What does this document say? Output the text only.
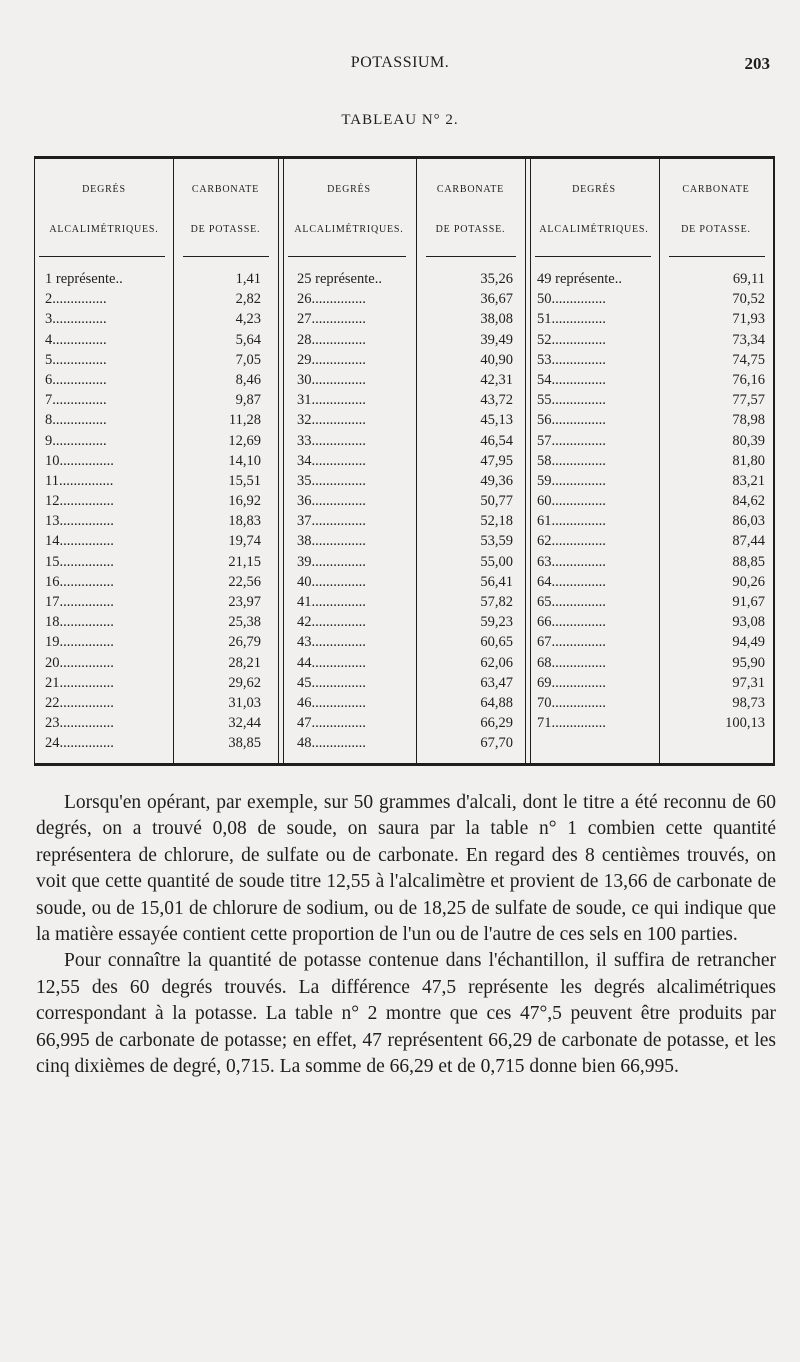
POTASSIUM.	203
TABLEAU N° 2.
DEGRÉS
ALCALIMÉTRIQUES.
CARBONATE
DE POTASSE.
DEGRÉS
ALCALIMÉTRIQUES.
CARBONATE
DE POTASSE.
DEGRÉS
ALCALIMÉTRIQUES.
CARBONATE
DE POTASSE.
1 représente..	1,41 25 représente..	35,26 49 représente..	69,11
2...............	2,82 26...............	36,67 50...............	70,52
3...............	4,23 27...............	38,08 51...............	71,93
4...............	5,64 28...............	39,49 52...............	73,34
5...............	7,05 29...............	40,90 53...............	74,75
6...............	8,46 30...............	42,31 54...............	76,16
7...............	9,87 31...............	43,72 55...............	77,57
8...............	11,28 32...............	45,13 56...............	78,98
9...............	12,69 33...............	46,54 57...............	80,39
10...............	14,10 34...............	47,95 58...............	81,80
11...............	15,51 35...............	49,36 59...............	83,21
12...............	16,92 36...............	50,77 60...............	84,62
13...............	18,83 37...............	52,18 61...............	86,03
14...............	19,74 38...............	53,59 62...............	87,44
15...............	21,15 39...............	55,00 63...............	88,85
16...............	22,56 40...............	56,41 64...............	90,26
17...............	23,97 41...............	57,82 65...............	91,67
18...............	25,38 42...............	59,23 66...............	93,08
19...............	26,79 43...............	60,65 67...............	94,49
20...............	28,21 44...............	62,06 68...............	95,90
21...............	29,62 45...............	63,47 69...............	97,31
22...............	31,03 46...............	64,88 70...............	98,73
23...............	32,44 47...............	66,29 71...............	100,13
24...............	38,85 48...............	67,70

Lorsqu'en opérant, par exemple, sur 50 grammes d'alcali, dont le titre a été reconnu de 60 degrés, on a trouvé 0,08 de soude, on saura par la table n° 1 combien cette quantité représentera de chlorure, de sulfate ou de carbonate. En regard des 8 centièmes trouvés, on voit que cette quantité de soude titre 12,55 à l'alcalimètre et provient de 13,66 de carbonate de soude, ou de 15,01 de chlorure de sodium, ou de 18,25 de sulfate de soude, ce qui indique que la matière essayée contient cette proportion de l'un ou de l'autre de ces sels en 100 parties.

Pour connaître la quantité de potasse contenue dans l'échantillon, il suffira de retrancher 12,55 des 60 degrés trouvés. La différence 47,5 représente les degrés alcalimétriques correspondant à la potasse. La table n° 2 montre que ces 47°,5 peuvent être produits par 66,995 de carbonate de potasse; en effet, 47 représentent 66,29 de carbonate de potasse, et les cinq dixièmes de degré, 0,715. La somme de 66,29 et de 0,715 donne bien 66,995.
